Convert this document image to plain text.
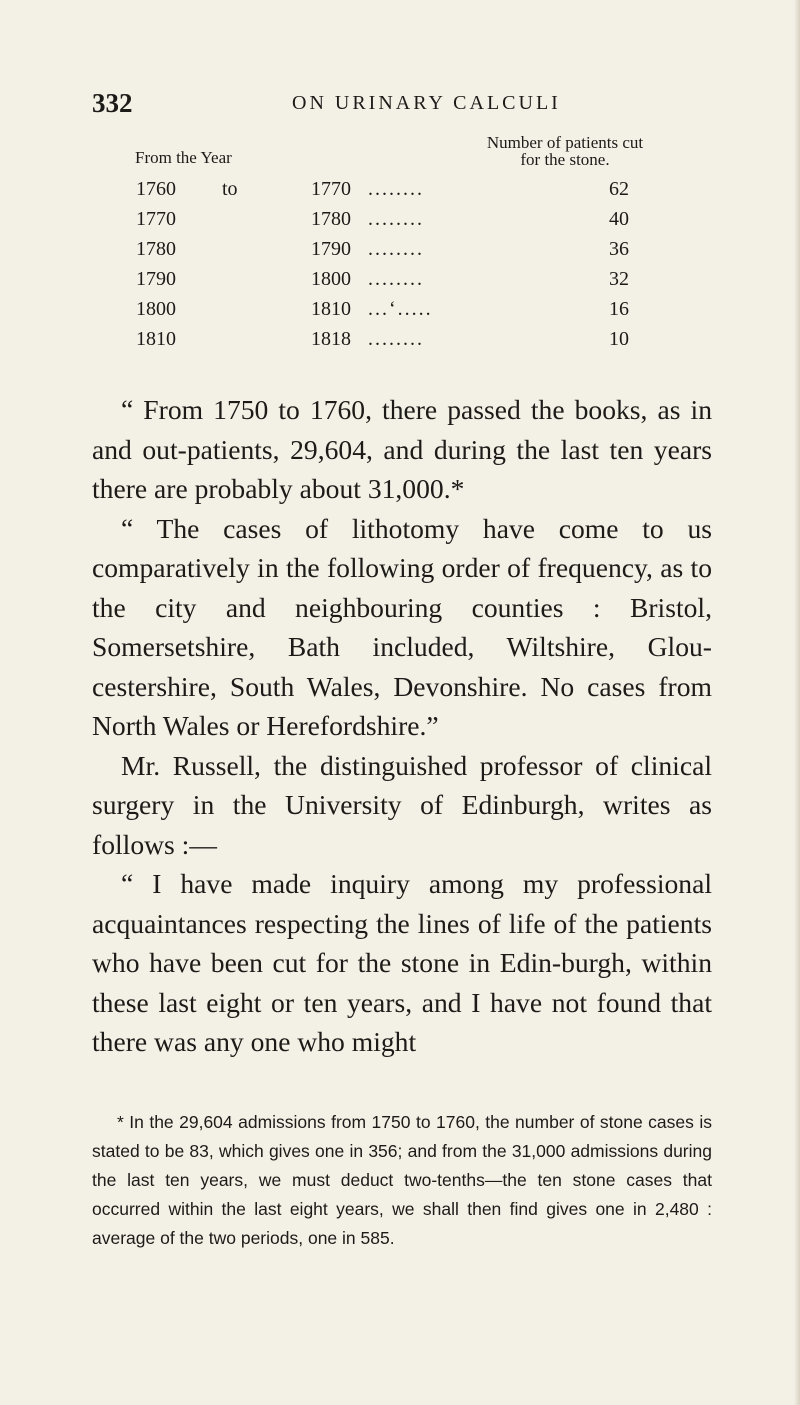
332	ON URINARY CALCULI
From the Year
Number of patients cut
for the stone.
1760 to	1770 ........	62
1770	1780 ........	40
1780	1790 ........	36
1790	1800 ........	32
1800	1810 ...‘.....	16
1810	1818 ........	10

“ From 1750 to 1760, there passed the books, as in and out-patients, 29,604, and during the last ten years there are probably about 31,000.*

“ The cases of lithotomy have come to us comparatively in the following order of frequency, as to the city and neighbouring counties : Bristol, Somersetshire, Bath included, Wiltshire, Glou-cestershire, South Wales, Devonshire. No cases from North Wales or Herefordshire.”

Mr. Russell, the distinguished professor of clinical surgery in the University of Edinburgh, writes as follows :—

“ I have made inquiry among my professional acquaintances respecting the lines of life of the patients who have been cut for the stone in Edin-burgh, within these last eight or ten years, and I have not found that there was any one who might

* In the 29,604 admissions from 1750 to 1760, the number of stone cases is stated to be 83, which gives one in 356; and from the 31,000 admissions during the last ten years, we must deduct two-tenths—the ten stone cases that occurred within the last eight years, we shall then find gives one in 2,480 : average of the two periods, one in 585.
